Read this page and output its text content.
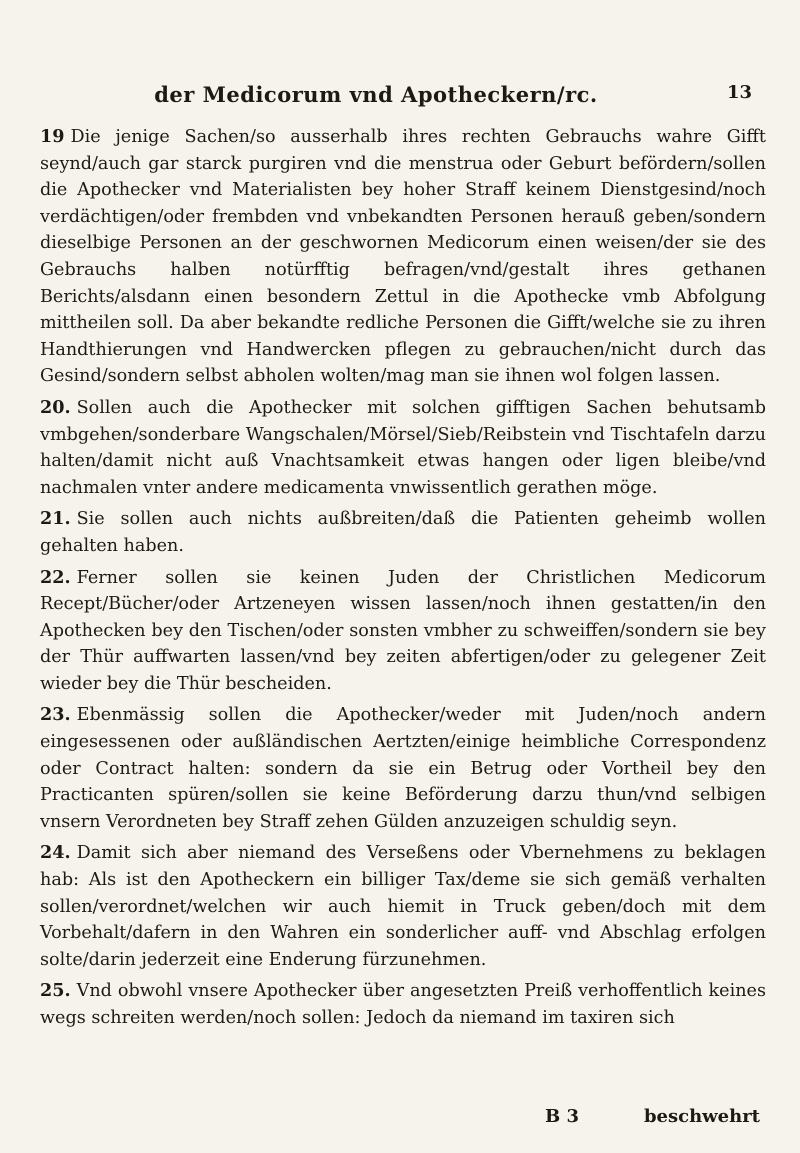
der Medicorum vnd Apotheckern/rc.	13

19 Die jenige Sachen/so ausserhalb ihres rechten Gebrauchs wahre Gifft seynd/auch gar starck purgiren vnd die menstrua oder Geburt befördern/sollen die Apothecker vnd Materialisten bey hoher Straff keinem Dienstgesind/noch verdächtigen/oder frembden vnd vnbekandten Personen herauß geben/sondern dieselbige Personen an der geschwornen Medicorum einen weisen/der sie des Gebrauchs halben notürfftig befragen/vnd/gestalt ihres gethanen Berichts/alsdann einen besondern Zettul in die Apothecke vmb Abfolgung mittheilen soll. Da aber bekandte redliche Personen die Gifft/welche sie zu ihren Handthierungen vnd Handwercken pflegen zu gebrauchen/nicht durch das Gesind/sondern selbst abholen wolten/mag man sie ihnen wol folgen lassen.

20. Sollen auch die Apothecker mit solchen gifftigen Sachen behutsamb vmbgehen/sonderbare Wangschalen/Mörsel/Sieb/Reibstein vnd Tischtafeln darzu halten/damit nicht auß Vnachtsamkeit etwas hangen oder ligen bleibe/vnd nachmalen vnter andere medicamenta vnwissentlich gerathen möge.

21. Sie sollen auch nichts außbreiten/daß die Patienten geheimb wollen gehalten haben.

22. Ferner sollen sie keinen Juden der Christlichen Medicorum Recept/Bücher/oder Artzeneyen wissen lassen/noch ihnen gestatten/in den Apothecken bey den Tischen/oder sonsten vmbher zu schweiffen/sondern sie bey der Thür auffwarten lassen/vnd bey zeiten abfertigen/oder zu gelegener Zeit wieder bey die Thür bescheiden.

23. Ebenmässig sollen die Apothecker/weder mit Juden/noch andern eingesessenen oder außländischen Aertzten/einige heimbliche Correspondenz oder Contract halten: sondern da sie ein Betrug oder Vortheil bey den Practicanten spüren/sollen sie keine Beförderung darzu thun/vnd selbigen vnsern Verordneten bey Straff zehen Gülden anzuzeigen schuldig seyn.

24. Damit sich aber niemand des Verseßens oder Vbernehmens zu beklagen hab: Als ist den Apotheckern ein billiger Tax/deme sie sich gemäß verhalten sollen/verordnet/welchen wir auch hiemit in Truck geben/doch mit dem Vorbehalt/dafern in den Wahren ein sonderlicher auff- vnd Abschlag erfolgen solte/darin jederzeit eine Enderung fürzunehmen.

25. Vnd obwohl vnsere Apothecker über angesetzten Preiß verhoffentlich keines wegs schreiten werden/noch sollen: Jedoch da niemand im taxiren sich

B 3	beschwehrt
